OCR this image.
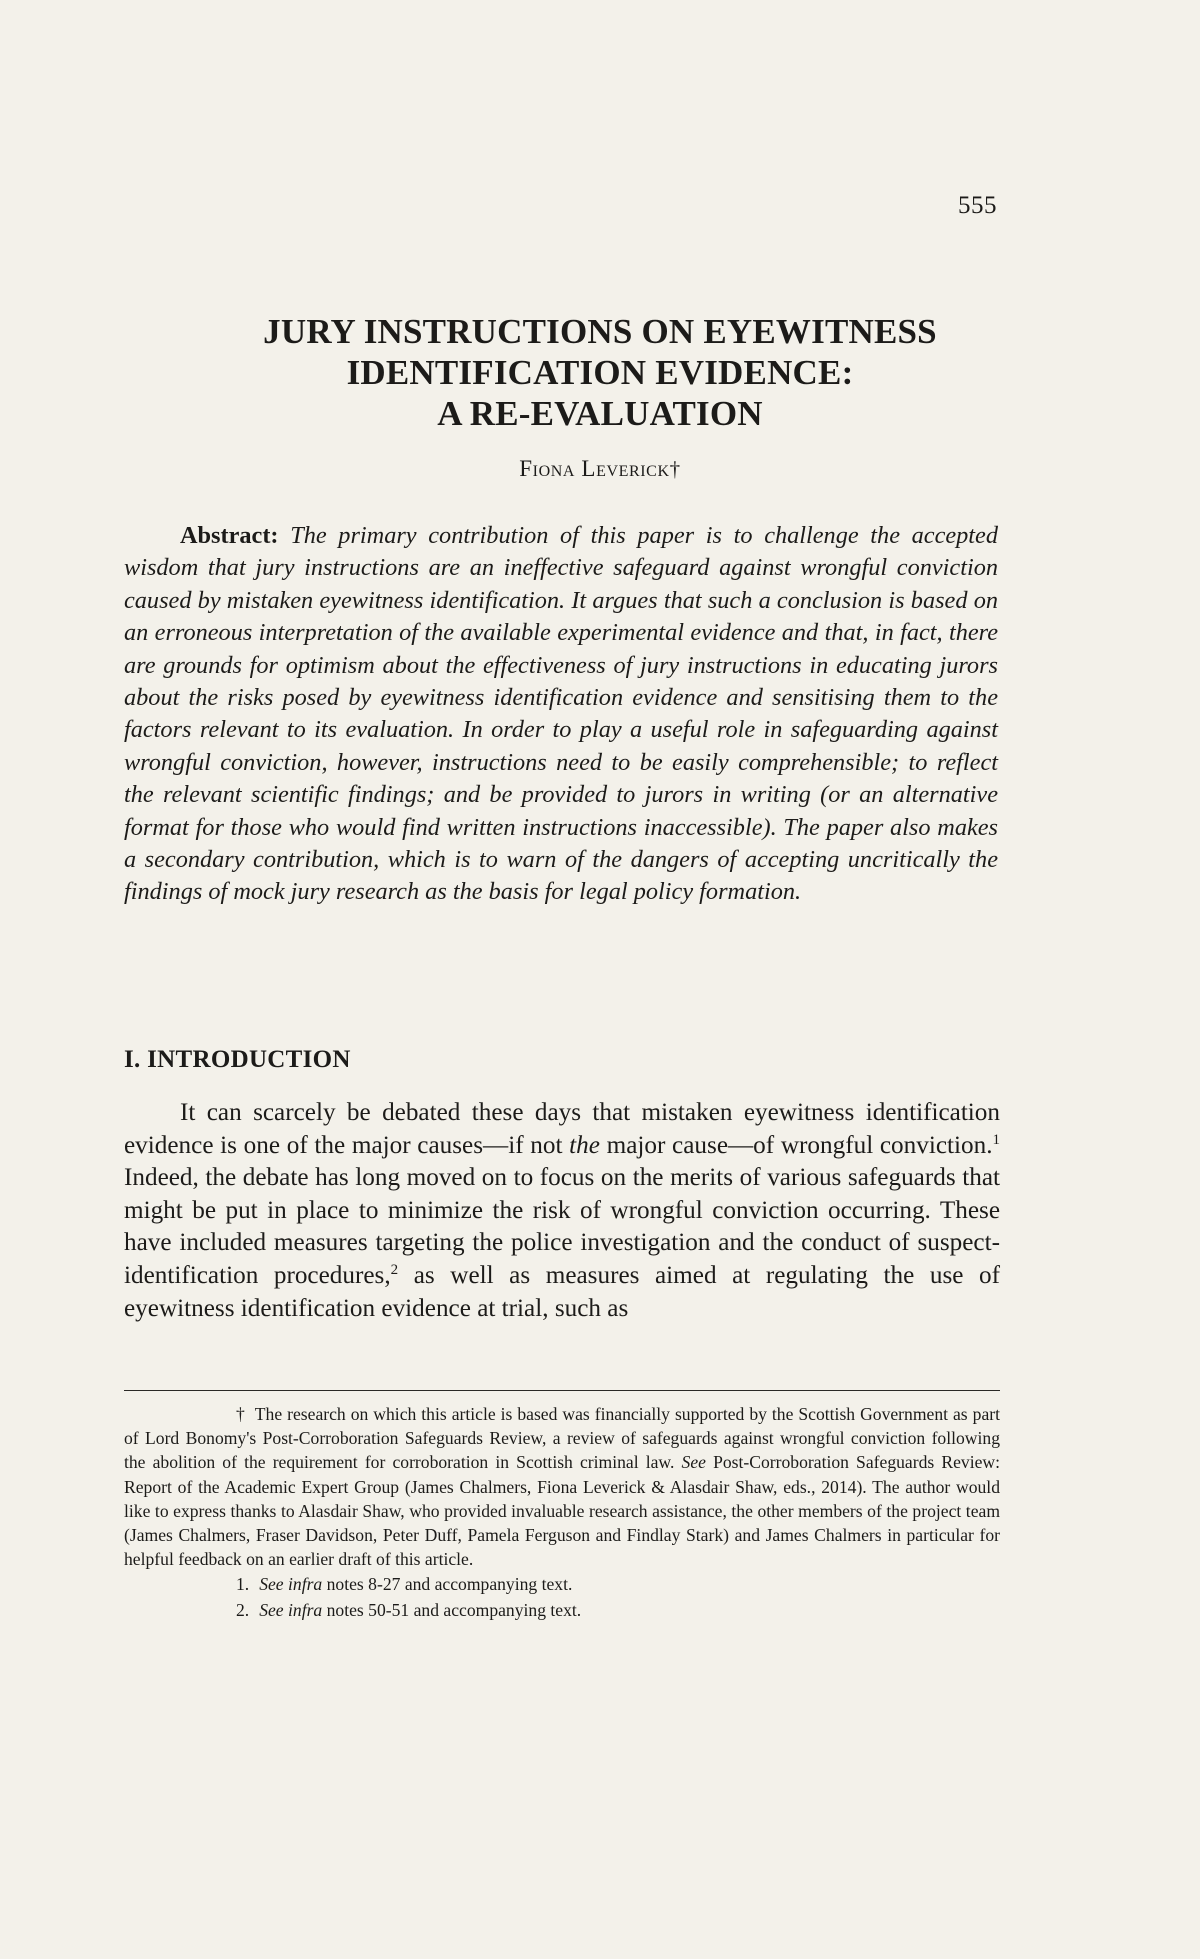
555
JURY INSTRUCTIONS ON EYEWITNESS
IDENTIFICATION EVIDENCE:
A RE-EVALUATION
Fiona Leverick†

Abstract: The primary contribution of this paper is to challenge the accepted wisdom that jury instructions are an ineffective safeguard against wrongful conviction caused by mistaken eyewitness identification. It argues that such a conclusion is based on an erroneous interpretation of the available experimental evidence and that, in fact, there are grounds for optimism about the effectiveness of jury instructions in educating jurors about the risks posed by eyewitness identification evidence and sensitising them to the factors relevant to its evaluation. In order to play a useful role in safeguarding against wrongful conviction, however, instructions need to be easily comprehensible; to reflect the relevant scientific findings; and be provided to jurors in writing (or an alternative format for those who would find written instructions inaccessible). The paper also makes a secondary contribution, which is to warn of the dangers of accepting uncritically the findings of mock jury research as the basis for legal policy formation.

I. INTRODUCTION

It can scarcely be debated these days that mistaken eyewitness identification evidence is one of the major causes—if not the major cause—of wrongful conviction.$^1$ Indeed, the debate has long moved on to focus on the merits of various safeguards that might be put in place to minimize the risk of wrongful conviction occurring. These have included measures targeting the police investigation and the conduct of suspect-identification procedures,$^2$ as well as measures aimed at regulating the use of eyewitness identification evidence at trial, such as

† The research on which this article is based was financially supported by the Scottish Government as part of Lord Bonomy's Post-Corroboration Safeguards Review, a review of safeguards against wrongful conviction following the abolition of the requirement for corroboration in Scottish criminal law. See Post-Corroboration Safeguards Review: Report of the Academic Expert Group (James Chalmers, Fiona Leverick & Alasdair Shaw, eds., 2014). The author would like to express thanks to Alasdair Shaw, who provided invaluable research assistance, the other members of the project team (James Chalmers, Fraser Davidson, Peter Duff, Pamela Ferguson and Findlay Stark) and James Chalmers in particular for helpful feedback on an earlier draft of this article.

1. See infra notes 8-27 and accompanying text.

2. See infra notes 50-51 and accompanying text.
